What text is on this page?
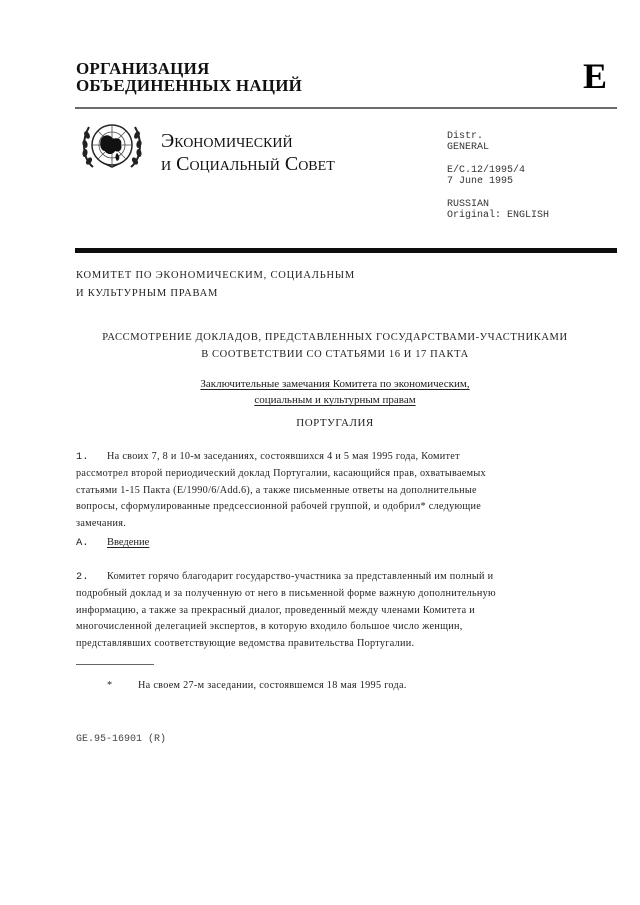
ОРГАНИЗАЦИЯ
ОБЪЕДИНЕННЫХ НАЦИЙ	E
Экономический
и Социальный Совет
Distr.
GENERAL
E/C.12/1995/4
7 June 1995
RUSSIAN
Original: ENGLISH
КОМИТЕТ ПО ЭКОНОМИЧЕСКИМ, СОЦИАЛЬНЫМ
И КУЛЬТУРНЫМ ПРАВАМ
РАССМОТРЕНИЕ ДОКЛАДОВ, ПРЕДСТАВЛЕННЫХ ГОСУДАРСТВАМИ-УЧАСТНИКАМИ
В СООТВЕТСТВИИ СО СТАТЬЯМИ 16 И 17 ПАКТА
Заключительные замечания Комитета по экономическим,
социальным и культурным правам
ПОРТУГАЛИЯ
1. На своих 7, 8 и 10-м заседаниях, состоявшихся 4 и 5 мая 1995 года, Комитет
рассмотрел второй периодический доклад Португалии, касающийся прав, охватываемых
статьями 1-15 Пакта (E/1990/6/Add.6), а также письменные ответы на дополнительные
вопросы, сформулированные предсессионной рабочей группой, и одобрил* следующие
замечания.
A. Введение
2. Комитет горячо благодарит государство-участника за представленный им полный и
подробный доклад и за полученную от него в письменной форме важную дополнительную
информацию, а также за прекрасный диалог, проведенный между членами Комитета и
многочисленной делегацией экспертов, в которую входило большое число женщин,
представлявших соответствующие ведомства правительства Португалии.
*	На своем 27-м заседании, состоявшемся 18 мая 1995 года.
GE.95-16901 (R)
